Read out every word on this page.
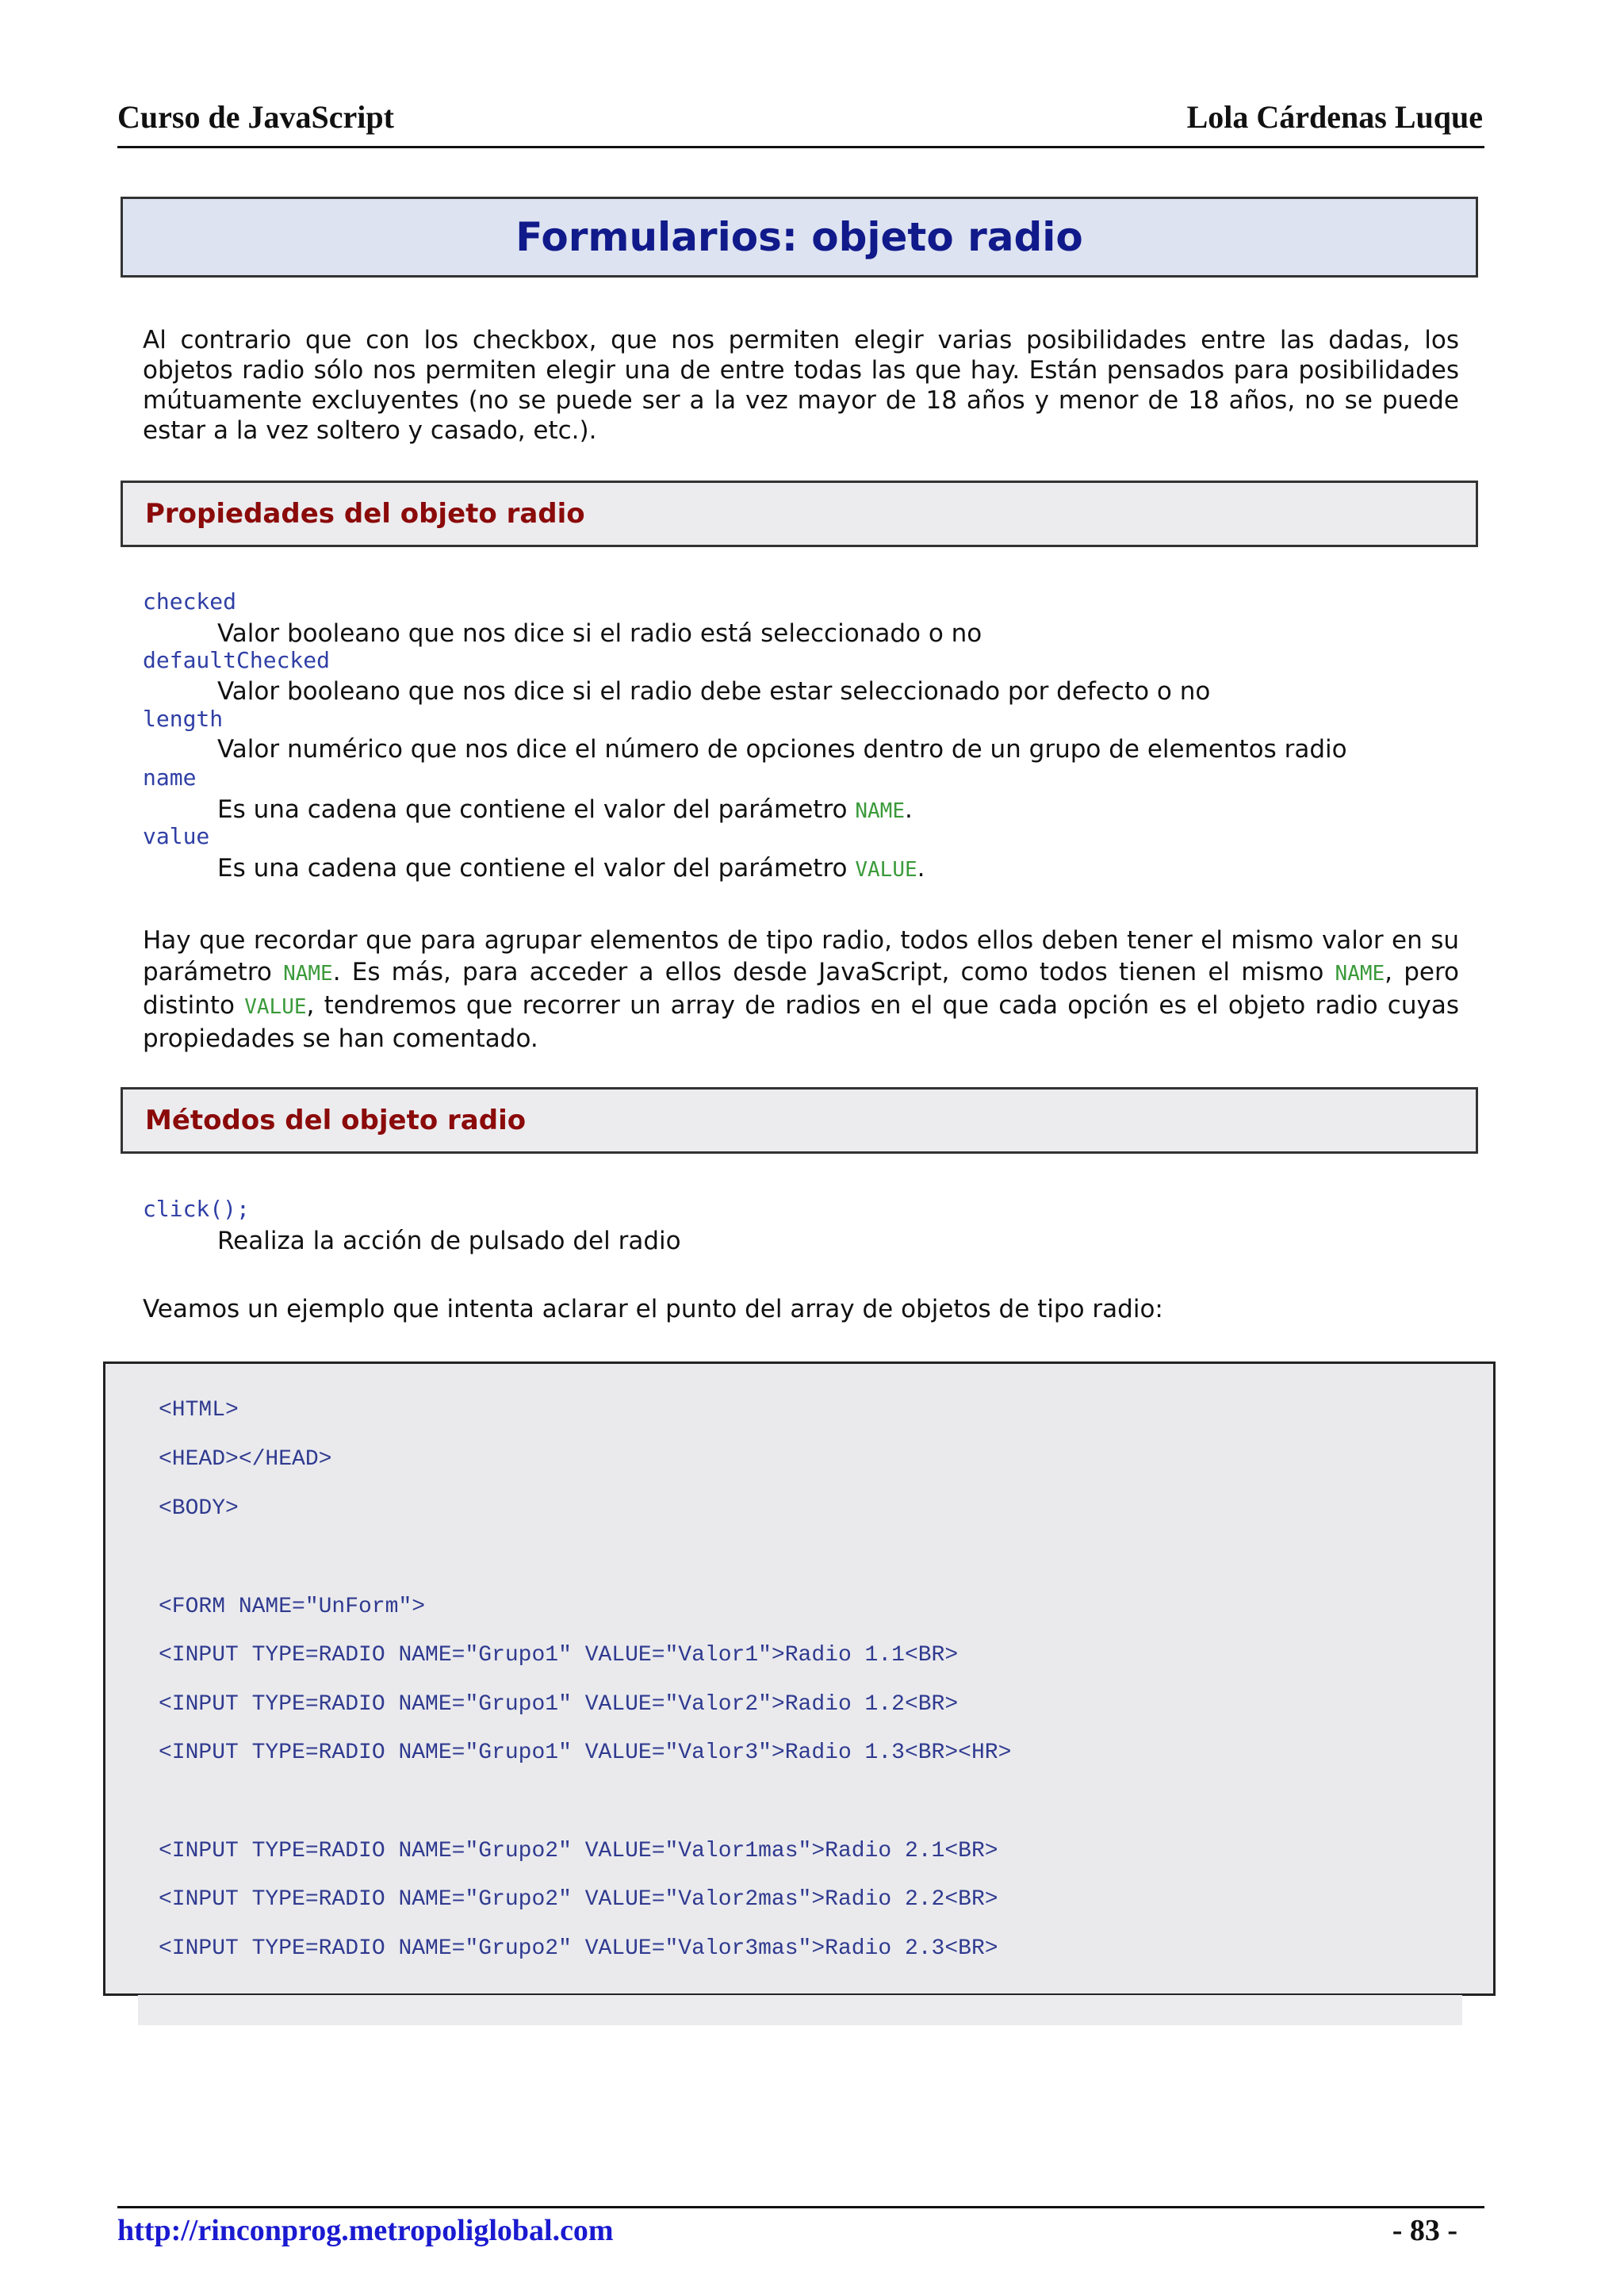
Curso de JavaScript	Lola Cárdenas Luque
Formularios: objeto radio
Al contrario que con los checkbox, que nos permiten elegir varias posibilidades entre las dadas, los objetos radio sólo nos permiten elegir una de entre todas las que hay. Están pensados para posibilidades mútuamente excluyentes (no se puede ser a la vez mayor de 18 años y menor de 18 años, no se puede estar a la vez soltero y casado, etc.).
Propiedades del objeto radio
checked
Valor booleano que nos dice si el radio está seleccionado o no
defaultChecked
Valor booleano que nos dice si el radio debe estar seleccionado por defecto o no
length
Valor numérico que nos dice el número de opciones dentro de un grupo de elementos radio
name
Es una cadena que contiene el valor del parámetro NAME.
value
Es una cadena que contiene el valor del parámetro VALUE.
Hay que recordar que para agrupar elementos de tipo radio, todos ellos deben tener el mismo valor en su parámetro NAME. Es más, para acceder a ellos desde JavaScript, como todos tienen el mismo NAME, pero distinto VALUE, tendremos que recorrer un array de radios en el que cada opción es el objeto radio cuyas propiedades se han comentado.
Métodos del objeto radio
click();
Realiza la acción de pulsado del radio
Veamos un ejemplo que intenta aclarar el punto del array de objetos de tipo radio:
<HTML>
<HEAD></HEAD>
<BODY>
<FORM NAME="UnForm">
<INPUT TYPE=RADIO NAME="Grupo1" VALUE="Valor1">Radio 1.1<BR>
<INPUT TYPE=RADIO NAME="Grupo1" VALUE="Valor2">Radio 1.2<BR>
<INPUT TYPE=RADIO NAME="Grupo1" VALUE="Valor3">Radio 1.3<BR><HR>
<INPUT TYPE=RADIO NAME="Grupo2" VALUE="Valor1mas">Radio 2.1<BR>
<INPUT TYPE=RADIO NAME="Grupo2" VALUE="Valor2mas">Radio 2.2<BR>
<INPUT TYPE=RADIO NAME="Grupo2" VALUE="Valor3mas">Radio 2.3<BR>
http://rinconprog.metropoliglobal.com	- 83 -
